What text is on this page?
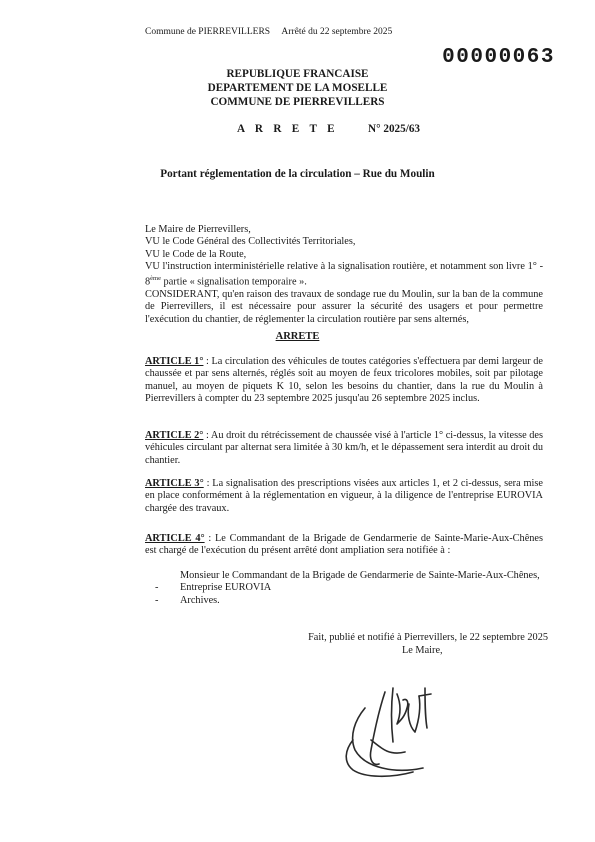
Commune de PIERREVILLERS     Arrêté du 22 septembre 2025
00000063
REPUBLIQUE FRANCAISE
DEPARTEMENT DE LA MOSELLE
COMMUNE DE PIERREVILLERS
A R R E T E	N° 2025/63
Portant réglementation de la circulation – Rue du Moulin

Le Maire de Pierrevillers,

VU le Code Général des Collectivités Territoriales,

VU le Code de la Route,

VU l'instruction interministérielle relative à la signalisation routière, et notamment son livre 1° - 8ème partie « signalisation temporaire ».

CONSIDERANT, qu'en raison des travaux de sondage rue du Moulin, sur la ban de la commune de Pierrevillers, il est nécessaire pour assurer la sécurité des usagers et pour permettre l'exécution du chantier, de réglementer la circulation routière par sens alternés,

ARRETE
ARTICLE 1° : La circulation des véhicules de toutes catégories s'effectuera par demi largeur de chaussée et par sens alternés, réglés soit au moyen de feux tricolores mobiles, soit par pilotage manuel, au moyen de piquets K 10, selon les besoins du chantier, dans la rue du Moulin à Pierrevillers à compter du 23 septembre 2025 jusqu'au 26 septembre 2025 inclus.
ARTICLE 2° : Au droit du rétrécissement de chaussée visé à l'article 1° ci-dessus, la vitesse des véhicules circulant par alternat sera limitée à 30 km/h, et le dépassement sera interdit au droit du chantier.
ARTICLE 3° : La signalisation des prescriptions visées aux articles 1, et 2 ci-dessus, sera mise en place conformément à la réglementation en vigueur, à la diligence de l'entreprise EUROVIA chargée des travaux.
ARTICLE 4° : Le Commandant de la Brigade de Gendarmerie de Sainte-Marie-Aux-Chênes est chargé de l'exécution du présent arrêté dont ampliation sera notifiée à :
Monsieur le Commandant de la Brigade de Gendarmerie de Sainte-Marie-Aux-Chênes,
-	Entreprise EUROVIA
-	Archives.
Fait, publié et notifié à Pierrevillers, le 22 septembre 2025
Le Maire,
